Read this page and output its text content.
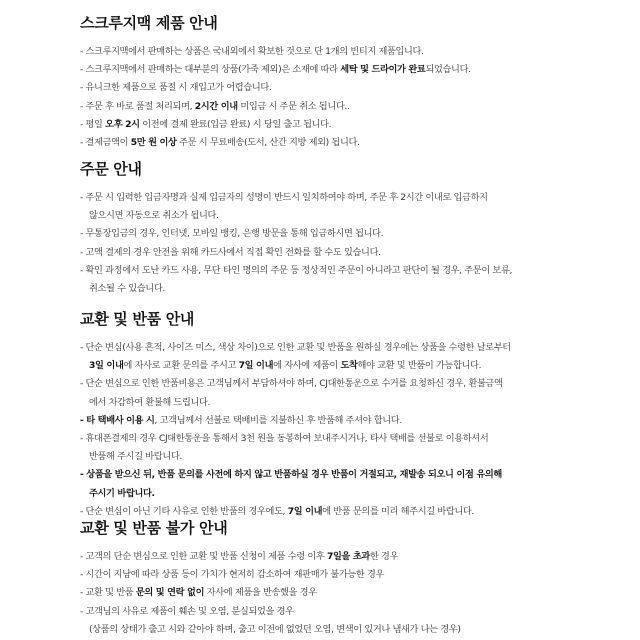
스크루지맥 제품 안내
- 스크루지맥에서 판매하는 상품은 국내외에서 확보한 것으로 단 1개의 빈티지 제품입니다.
- 스크루지맥에서 판매하는 대부분의 상품(가죽 제외)은 소재에 따라 세탁 및 드라이가 완료되었습니다.
- 유니크한 제품으로 품절 시 재입고가 어렵습니다.
- 주문 후 바로 품절 처리되며, 2시간 이내 미입금 시 주문 취소 됩니다..
- 평일 오후 2시 이전에 결제 완료(입금 완료) 시 당일 출고 됩니다.
- 결제금액이 5만 원 이상 주문 시 무료배송(도서, 산간 지방 제외) 됩니다.
주문 안내
- 주문 시 입력한 입금자명과 실제 입금자의 성명이 반드시 일치하여야 하며, 주문 후 2시간 이내로 입금하지
않으시면 자동으로 취소가 됩니다.
- 무통장입금의 경우, 인터넷, 모바일 뱅킹, 은행 방문을 통해 입금하시면 됩니다.
- 고액 결제의 경우 안전을 위해 카드사에서 직접 확인 전화를 할 수도 있습니다.
- 확인 과정에서 도난 카드 사용, 무단 타인 명의의 주문 등 정상적인 주문이 아니라고 판단이 될 경우, 주문이 보류,
취소될 수 있습니다.
교환 및 반품 안내
- 단순 변심(사용 흔적, 사이즈 미스, 색상 차이)으로 인한 교환 및 반품을 원하실 경우에는 상품을 수령한 날로부터
3일 이내에 자사로 교환 문의를 주시고 7일 이내에 자사에 제품이 도착해야 교환 및 반품이 가능합니다.
- 단순 변심으로 인한 반품비용은 고객님께서 부담하셔야 하며, CJ대한통운으로 수거를 요청하신 경우, 환불금액
에서 차감하여 환불해 드립니다.
- 타 택배사 이용 시, 고객님께서 선불로 택배비를 지불하신 후 반품해 주셔야 합니다.
- 휴대폰결제의 경우 CJ대한통운을 통해서 3천 원을 동봉하여 보내주시거나, 타사 택배를 선불로 이용하셔서
반품해 주시길 바랍니다.
- 상품을 받으신 뒤, 반품 문의를 사전에 하지 않고 반품하실 경우 반품이 거절되고, 재발송 되오니 이점 유의해
주시기 바랍니다.
- 단순 변심이 아닌 기타 사유로 인한 반품의 경우에도, 7일 이내에 반품 문의를 미리 해주시길 바랍니다.
교환 및 반품 불가 안내
- 고객의 단순 변심으로 인한 교환 및 반품 신청이 제품 수령 이후 7일을 초과한 경우
- 시간이 지남에 따라 상품 등이 가치가 현저히 감소하여 재판매가 불가능한 경우
- 교환 및 반품 문의 및 연락 없이 자사에 제품을 반송했을 경우
- 고객님의 사유로 제품이 훼손 및 오염, 분실되었을 경우
(상품의 상태가 출고 시와 같아야 하며, 출고 이전에 없었던 오염, 변색이 있거나 냄새가 나는 경우)
